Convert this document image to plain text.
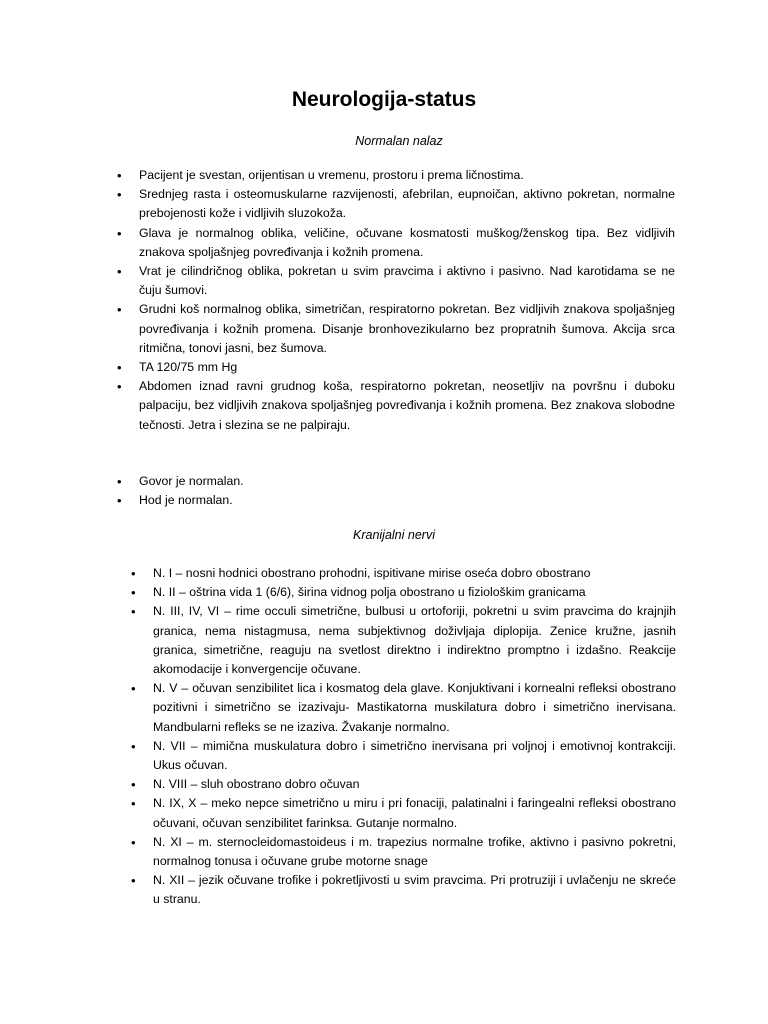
Neurologija-status

Normalan nalaz

• Pacijent je svestan, orijentisan u vremenu, prostoru i prema ličnostima.
• Srednjeg rasta i osteomuskularne razvijenosti, afebrilan, eupnoičan, aktivno pokretan, normalne prebojenosti kože i vidljivih sluzokoža.
• Glava je normalnog oblika, veličine, očuvane kosmatosti muškog/ženskog tipa. Bez vidljivih znakova spoljašnjeg povređivanja i kožnih promena.
• Vrat je cilindričnog oblika, pokretan u svim pravcima i aktivno i pasivno. Nad karotidama se ne čuju šumovi.
• Grudni koš normalnog oblika, simetričan, respiratorno pokretan. Bez vidljivih znakova spoljašnjeg povređivanja i kožnih promena. Disanje bronhovezikularno bez propratnih šumova. Akcija srca ritmična, tonovi jasni, bez šumova.
• TA 120/75 mm Hg
• Abdomen iznad ravni grudnog koša, respiratorno pokretan, neosetljiv na površnu i duboku palpaciju, bez vidljivih znakova spoljašnjeg povređivanja i kožnih promena. Bez znakova slobodne tečnosti. Jetra i slezina se ne palpiraju.
• Govor je normalan.
• Hod je normalan.

Kranijalni nervi

• N. I – nosni hodnici obostrano prohodni, ispitivane mirise oseća dobro obostrano
• N. II – oštrina vida 1 (6/6), širina vidnog polja obostrano u fiziološkim granicama
• N. III, IV, VI – rime occuli simetrične, bulbusi u ortoforiji, pokretni u svim pravcima do krajnjih granica, nema nistagmusa, nema subjektivnog doživljaja diplopija. Zenice kružne, jasnih granica, simetrične, reaguju na svetlost direktno i indirektno promptno i izdašno. Reakcije akomodacije i konvergencije očuvane.
• N. V – očuvan senzibilitet lica i kosmatog dela glave. Konjuktivani i kornealni refleksi obostrano pozitivni i simetrično se izazivaju- Mastikatorna muskilatura dobro i simetrično inervisana. Mandbularni refleks se ne izaziva. Žvakanje normalno.
• N. VII – mimična muskulatura dobro i simetrično inervisana pri voljnoj i emotivnoj kontrakciji. Ukus očuvan.
• N. VIII – sluh obostrano dobro očuvan
• N. IX, X – meko nepce simetrično u miru i pri fonaciji, palatinalni i faringealni refleksi obostrano očuvani, očuvan senzibilitet farinksa. Gutanje normalno.
• N. XI – m. sternocleidomastoideus i m. trapezius normalne trofike, aktivno i pasivno pokretni, normalnog tonusa i očuvane grube motorne snage
• N. XII – jezik očuvane trofike i pokretljivosti u svim pravcima. Pri protruziji i uvlačenju ne skreće u stranu.
